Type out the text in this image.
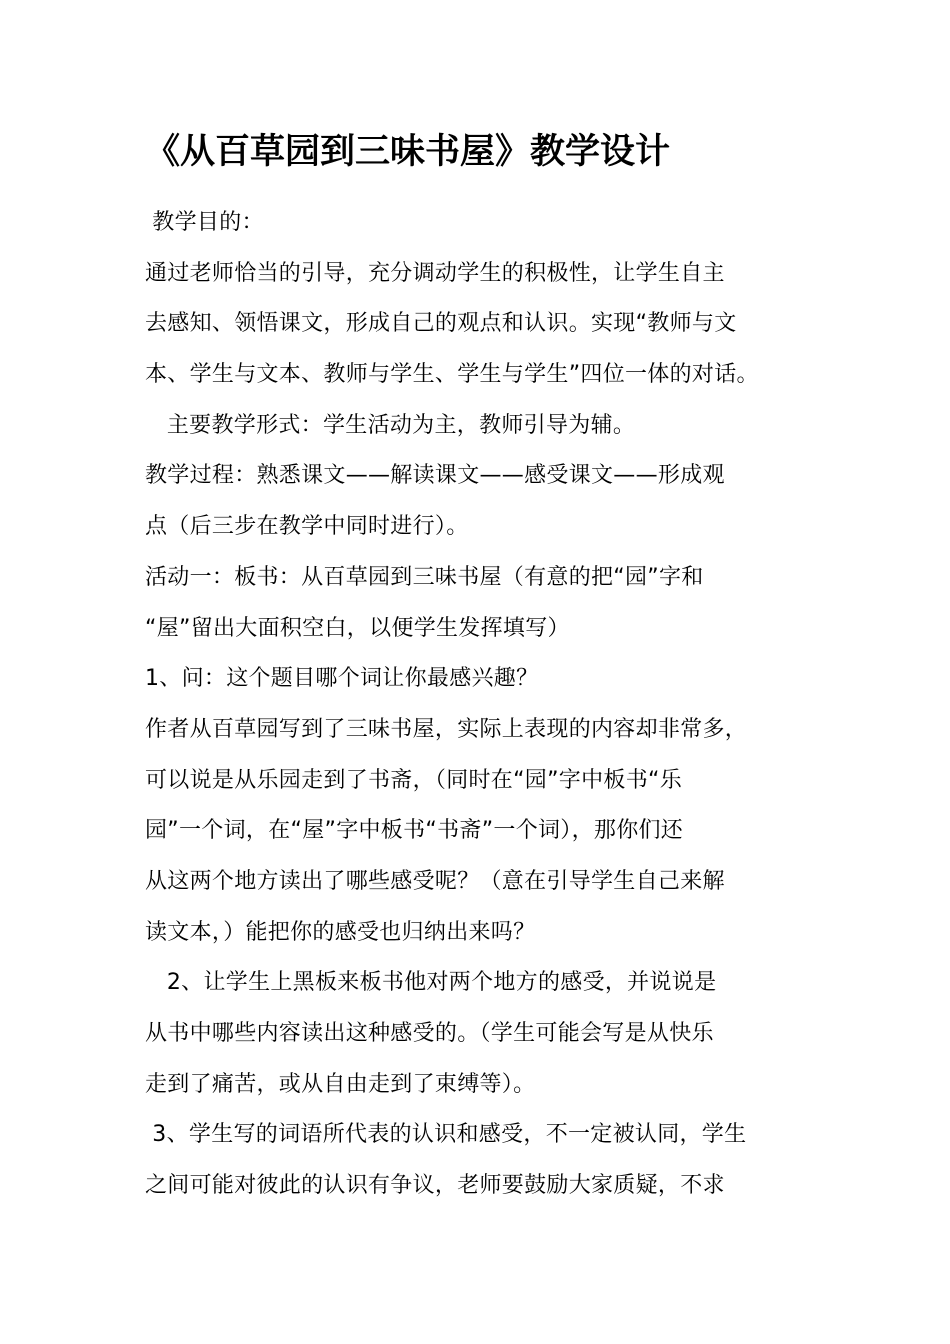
《从百草园到三味书屋》教学设计

教学目的：

通过老师恰当的引导，充分调动学生的积极性，让学生自主

去感知、领悟课文，形成自己的观点和认识。实现“教师与文

本、学生与文本、教师与学生、学生与学生”四位一体的对话。

主要教学形式：学生活动为主，教师引导为辅。

教学过程：熟悉课文——解读课文——感受课文——形成观

点（后三步在教学中同时进行）。

活动一：板书：从百草园到三味书屋（有意的把“园”字和

“屋”留出大面积空白，以便学生发挥填写）

1、问：这个题目哪个词让你最感兴趣？

作者从百草园写到了三味书屋，实际上表现的内容却非常多，

可以说是从乐园走到了书斋，（同时在“园”字中板书“乐

园”一个词，在“屋”字中板书“书斋”一个词），那你们还

从这两个地方读出了哪些感受呢？（意在引导学生自己来解

读文本，）能把你的感受也归纳出来吗？

2、让学生上黑板来板书他对两个地方的感受，并说说是

从书中哪些内容读出这种感受的。（学生可能会写是从快乐

走到了痛苦，或从自由走到了束缚等）。

3、学生写的词语所代表的认识和感受，不一定被认同，学生

之间可能对彼此的认识有争议，老师要鼓励大家质疑，不求
